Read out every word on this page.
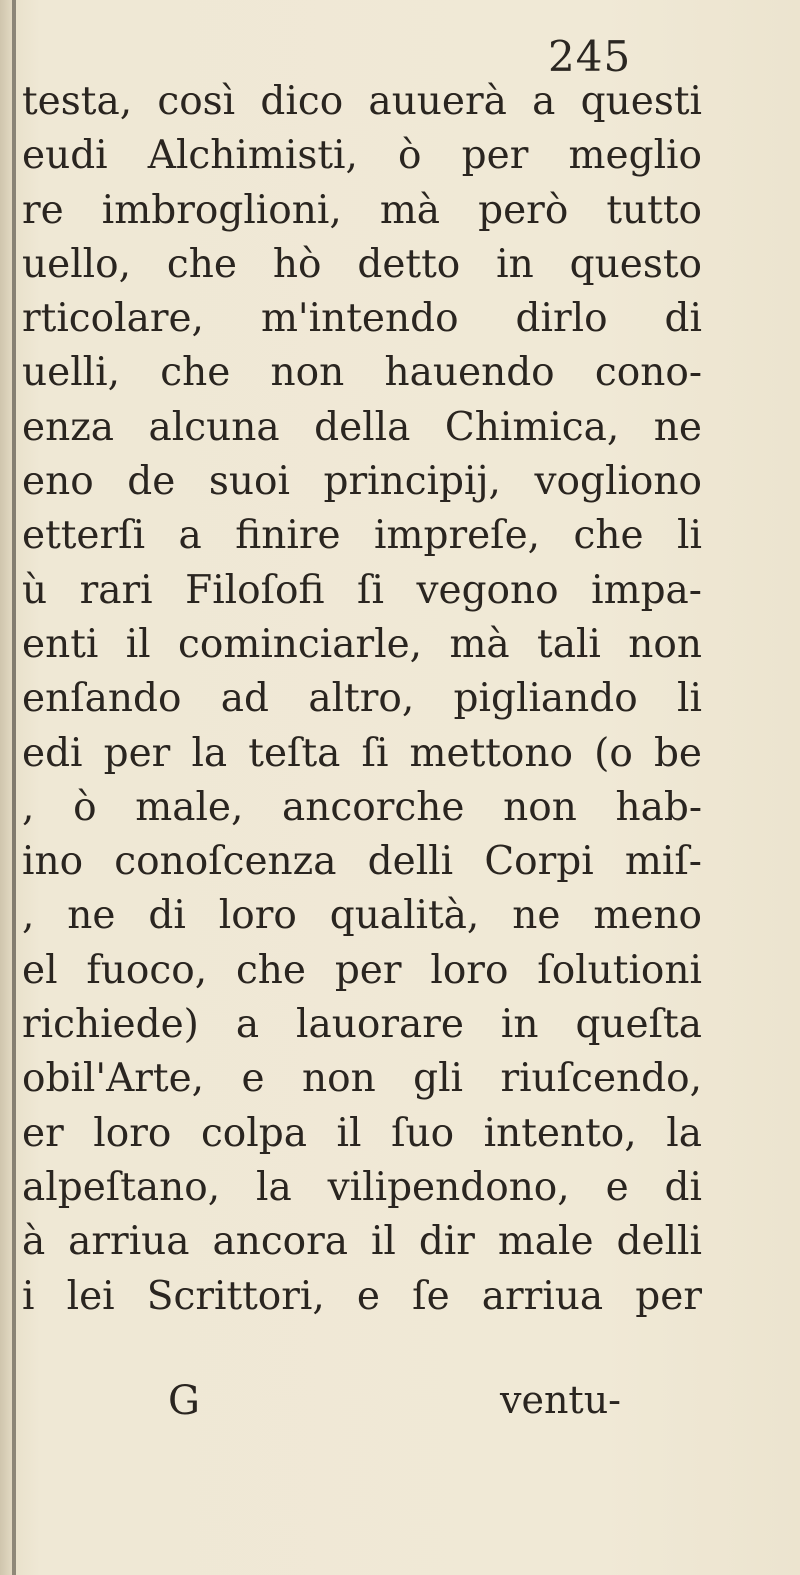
245
testa, così dico auuerà a questi
eudi Alchimisti, ò per meglio
re imbroglioni, mà però tutto
uello, che hò detto in questo
rticolare, m'intendo dirlo di
uelli, che non hauendo cono-
enza alcuna della Chimica, ne
eno de suoi principij, vogliono
etterſi a finire impreſe, che li
ù rari Filoſofi ſi vegono impa-
enti il cominciarle, mà tali non
enſando ad altro, pigliando li
edi per la teſta ſi mettono (o be
, ò male, ancorche non hab-
ino conoſcenza delli Corpi miſ-
, ne di loro qualità, ne meno
el fuoco, che per loro ſolutioni
richiede) a lauorare in queſta
obil'Arte, e non gli riuſcendo,
er loro colpa il ſuo intento, la
alpeſtano, la vilipendono, e di
à arriua ancora il dir male delli
i lei Scrittori, e ſe arriua per
G	ventu-
